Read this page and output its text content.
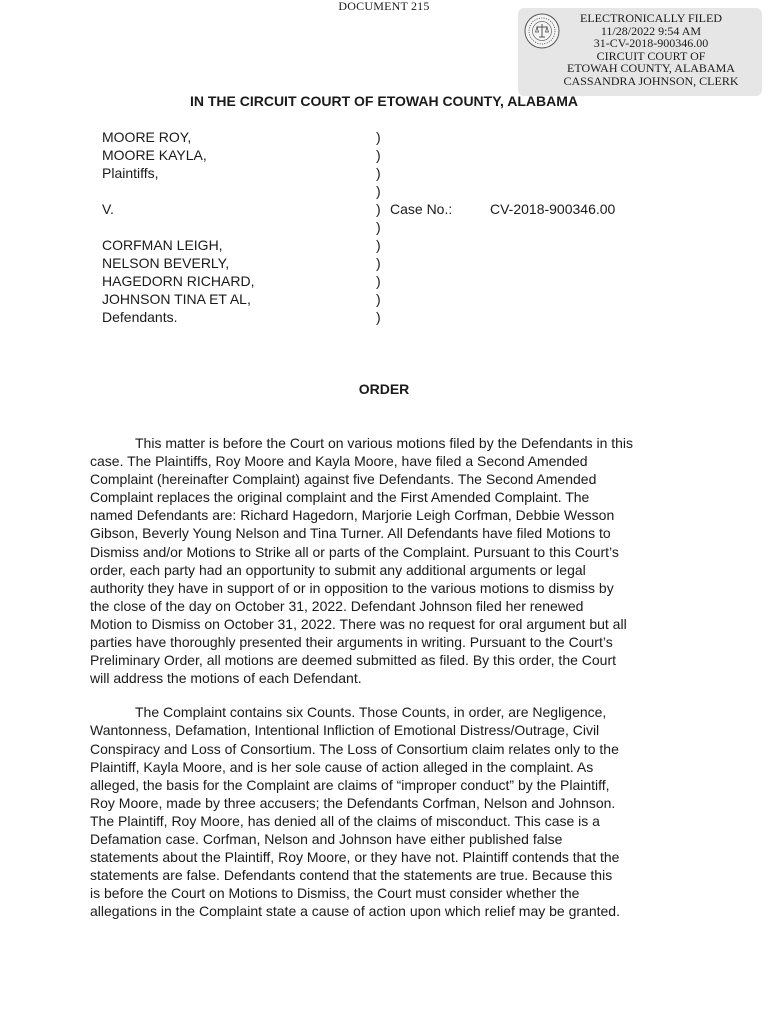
DOCUMENT 215
ELECTRONICALLY FILED
11/28/2022 9:54 AM
31-CV-2018-900346.00
CIRCUIT COURT OF
ETOWAH COUNTY, ALABAMA
CASSANDRA JOHNSON, CLERK
IN THE CIRCUIT COURT OF ETOWAH COUNTY, ALABAMA
MOORE ROY,
MOORE KAYLA,
Plaintiffs,
V.
CORFMAN LEIGH,
NELSON BEVERLY,
HAGEDORN RICHARD,
JOHNSON TINA ET AL,
Defendants.
)
)
)
)
)
)
)
)
)
)
)
Case No.:	CV-2018-900346.00
ORDER
This matter is before the Court on various motions filed by the Defendants in this
case. The Plaintiffs, Roy Moore and Kayla Moore, have filed a Second Amended
Complaint (hereinafter Complaint) against five Defendants. The Second Amended
Complaint replaces the original complaint and the First Amended Complaint. The
named Defendants are: Richard Hagedorn, Marjorie Leigh Corfman, Debbie Wesson
Gibson, Beverly Young Nelson and Tina Turner. All Defendants have filed Motions to
Dismiss and/or Motions to Strike all or parts of the Complaint. Pursuant to this Court’s
order, each party had an opportunity to submit any additional arguments or legal
authority they have in support of or in opposition to the various motions to dismiss by
the close of the day on October 31, 2022. Defendant Johnson filed her renewed
Motion to Dismiss on October 31, 2022. There was no request for oral argument but all
parties have thoroughly presented their arguments in writing. Pursuant to the Court’s
Preliminary Order, all motions are deemed submitted as filed. By this order, the Court
will address the motions of each Defendant.
The Complaint contains six Counts. Those Counts, in order, are Negligence,
Wantonness, Defamation, Intentional Infliction of Emotional Distress/Outrage, Civil
Conspiracy and Loss of Consortium. The Loss of Consortium claim relates only to the
Plaintiff, Kayla Moore, and is her sole cause of action alleged in the complaint. As
alleged, the basis for the Complaint are claims of “improper conduct” by the Plaintiff,
Roy Moore, made by three accusers; the Defendants Corfman, Nelson and Johnson.
The Plaintiff, Roy Moore, has denied all of the claims of misconduct. This case is a
Defamation case. Corfman, Nelson and Johnson have either published false
statements about the Plaintiff, Roy Moore, or they have not. Plaintiff contends that the
statements are false. Defendants contend that the statements are true. Because this
is before the Court on Motions to Dismiss, the Court must consider whether the
allegations in the Complaint state a cause of action upon which relief may be granted.
